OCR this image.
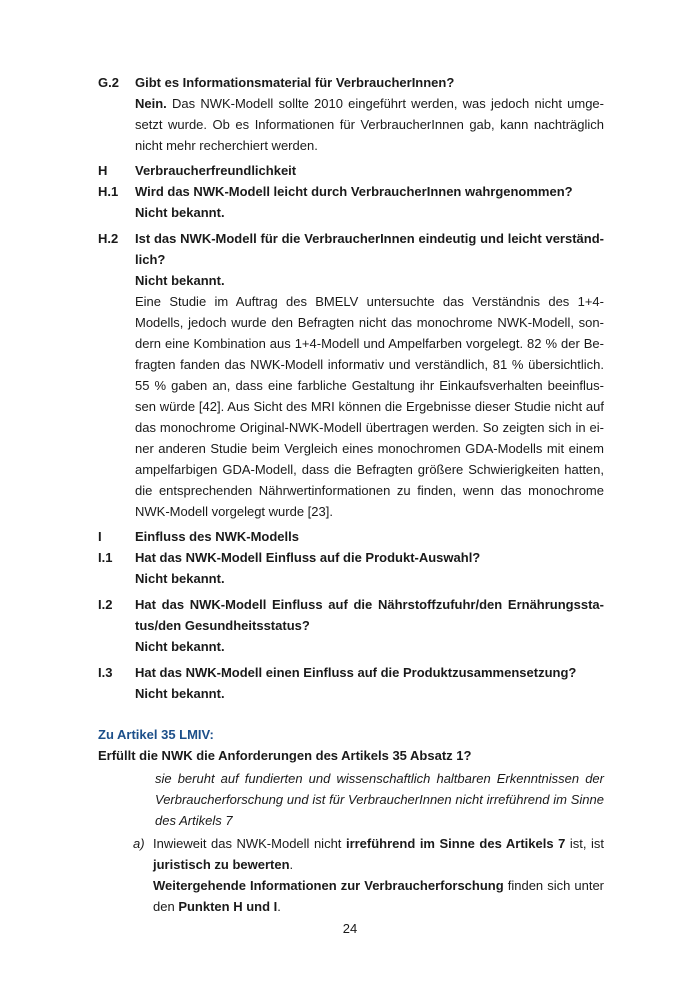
G.2	Gibt es Informationsmaterial für VerbraucherInnen?
Nein. Das NWK-Modell sollte 2010 eingeführt werden, was jedoch nicht umgesetzt wurde. Ob es Informationen für VerbraucherInnen gab, kann nachträglich nicht mehr recherchiert werden.
H	Verbraucherfreundlichkeit
H.1	Wird das NWK-Modell leicht durch VerbraucherInnen wahrgenommen?
Nicht bekannt.
H.2	Ist das NWK-Modell für die VerbraucherInnen eindeutig und leicht verständlich?
Nicht bekannt.
Eine Studie im Auftrag des BMELV untersuchte das Verständnis des 1+4-Modells, jedoch wurde den Befragten nicht das monochrome NWK-Modell, sondern eine Kombination aus 1+4-Modell und Ampelfarben vorgelegt. 82 % der Befragten fanden das NWK-Modell informativ und verständlich, 81 % übersichtlich. 55 % gaben an, dass eine farbliche Gestaltung ihr Einkaufsverhalten beeinflussen würde [42]. Aus Sicht des MRI können die Ergebnisse dieser Studie nicht auf das monochrome Original-NWK-Modell übertragen werden. So zeigten sich in einer anderen Studie beim Vergleich eines monochromen GDA-Modells mit einem ampelfarbigen GDA-Modell, dass die Befragten größere Schwierigkeiten hatten, die entsprechenden Nährwertinformationen zu finden, wenn das monochrome NWK-Modell vorgelegt wurde [23].
I	Einfluss des NWK-Modells
I.1	Hat das NWK-Modell Einfluss auf die Produkt-Auswahl?
Nicht bekannt.
I.2	Hat das NWK-Modell Einfluss auf die Nährstoffzufuhr/den Ernährungsstatus/den Gesundheitsstatus?
Nicht bekannt.
I.3	Hat das NWK-Modell einen Einfluss auf die Produktzusammensetzung?
Nicht bekannt.
Zu Artikel 35 LMIV:
Erfüllt die NWK die Anforderungen des Artikels 35 Absatz 1?
sie beruht auf fundierten und wissenschaftlich haltbaren Erkenntnissen der Verbraucherforschung und ist für VerbraucherInnen nicht irreführend im Sinne des Artikels 7
a) Inwieweit das NWK-Modell nicht irreführend im Sinne des Artikels 7 ist, ist juristisch zu bewerten.
Weitergehende Informationen zur Verbraucherforschung finden sich unter den Punkten H und I.
24
